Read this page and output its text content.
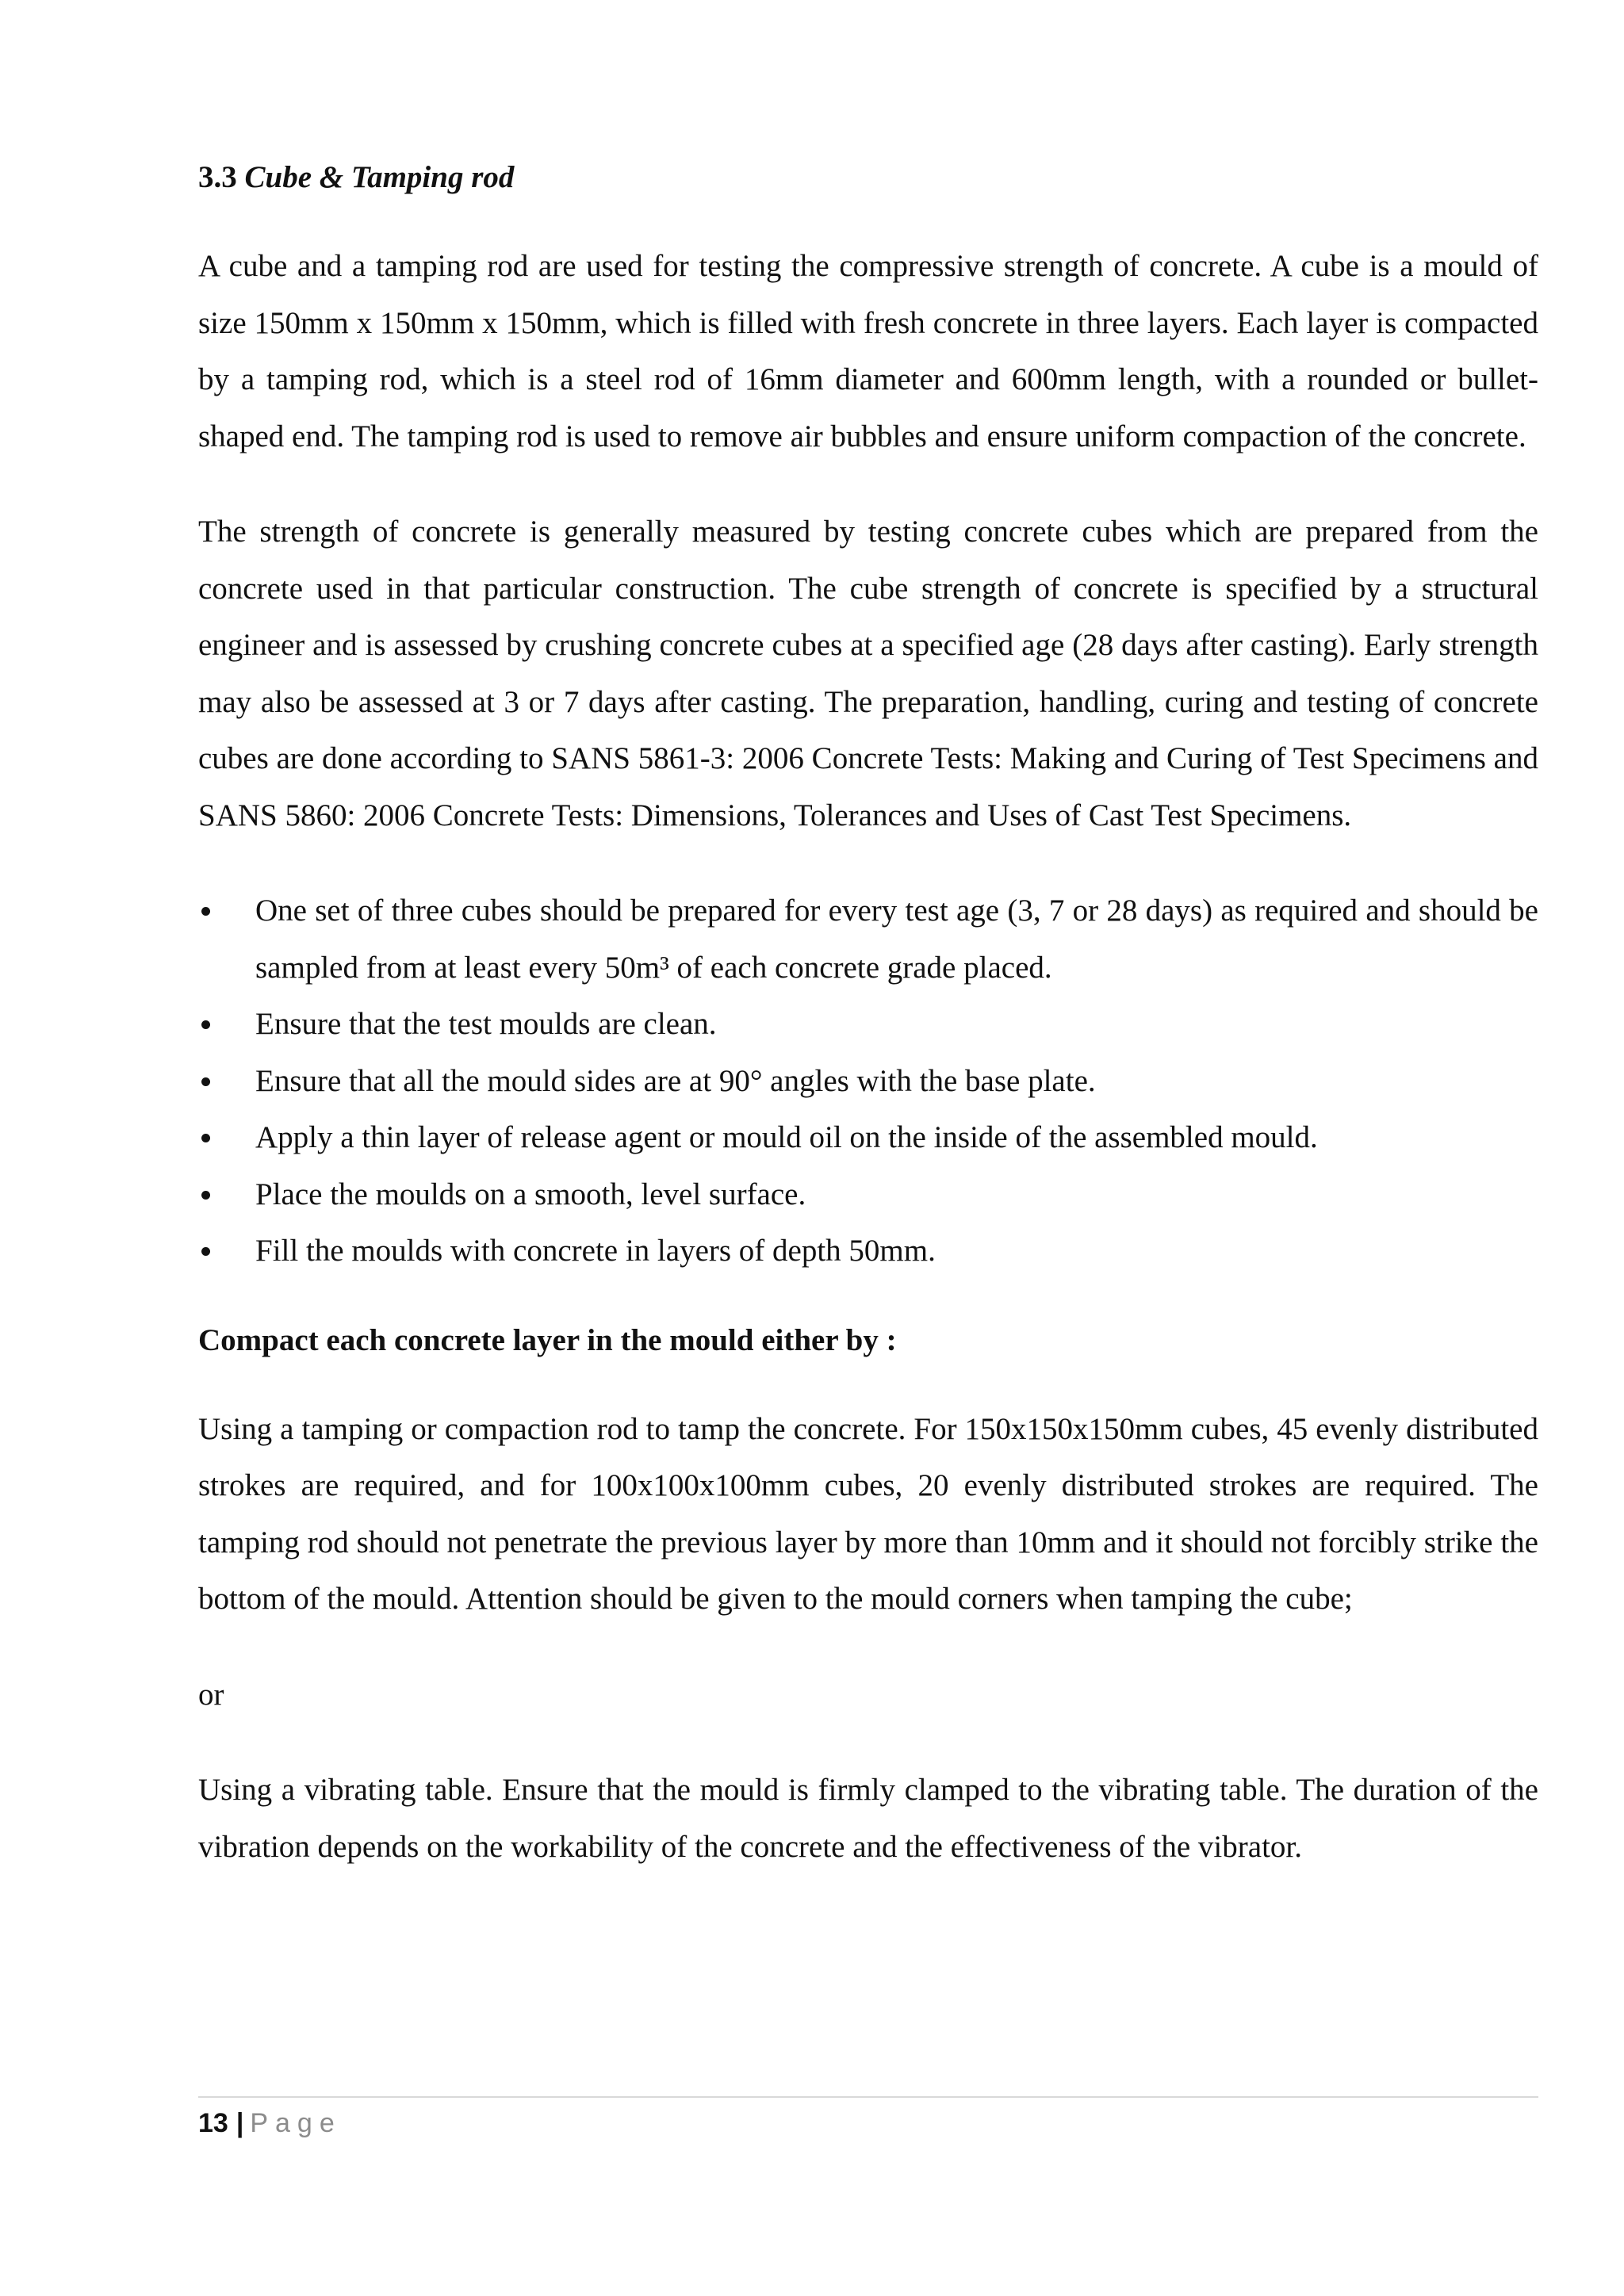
3.3 Cube & Tamping rod

A cube and a tamping rod are used for testing the compressive strength of concrete. A cube is a mould of size 150mm x 150mm x 150mm, which is filled with fresh concrete in three layers. Each layer is compacted by a tamping rod, which is a steel rod of 16mm diameter and 600mm length, with a rounded or bullet-shaped end. The tamping rod is used to remove air bubbles and ensure uniform compaction of the concrete.

The strength of concrete is generally measured by testing concrete cubes which are prepared from the concrete used in that particular construction. The cube strength of concrete is specified by a structural engineer and is assessed by crushing concrete cubes at a specified age (28 days after casting). Early strength may also be assessed at 3 or 7 days after casting. The preparation, handling, curing and testing of concrete cubes are done according to SANS 5861-3: 2006 Concrete Tests: Making and Curing of Test Specimens and SANS 5860: 2006 Concrete Tests: Dimensions, Tolerances and Uses of Cast Test Specimens.

One set of three cubes should be prepared for every test age (3, 7 or 28 days) as required and should be sampled from at least every 50m³ of each concrete grade placed.
Ensure that the test moulds are clean.
Ensure that all the mould sides are at 90° angles with the base plate.
Apply a thin layer of release agent or mould oil on the inside of the assembled mould.
Place the moulds on a smooth, level surface.
Fill the moulds with concrete in layers of depth 50mm.
Compact each concrete layer in the mould either by :

Using a tamping or compaction rod to tamp the concrete. For 150x150x150mm cubes, 45 evenly distributed strokes are required, and for 100x100x100mm cubes, 20 evenly distributed strokes are required. The tamping rod should not penetrate the previous layer by more than 10mm and it should not forcibly strike the bottom of the mould. Attention should be given to the mould corners when tamping the cube;

or

Using a vibrating table. Ensure that the mould is firmly clamped to the vibrating table. The duration of the vibration depends on the workability of the concrete and the effectiveness of the vibrator.

13 | Page
